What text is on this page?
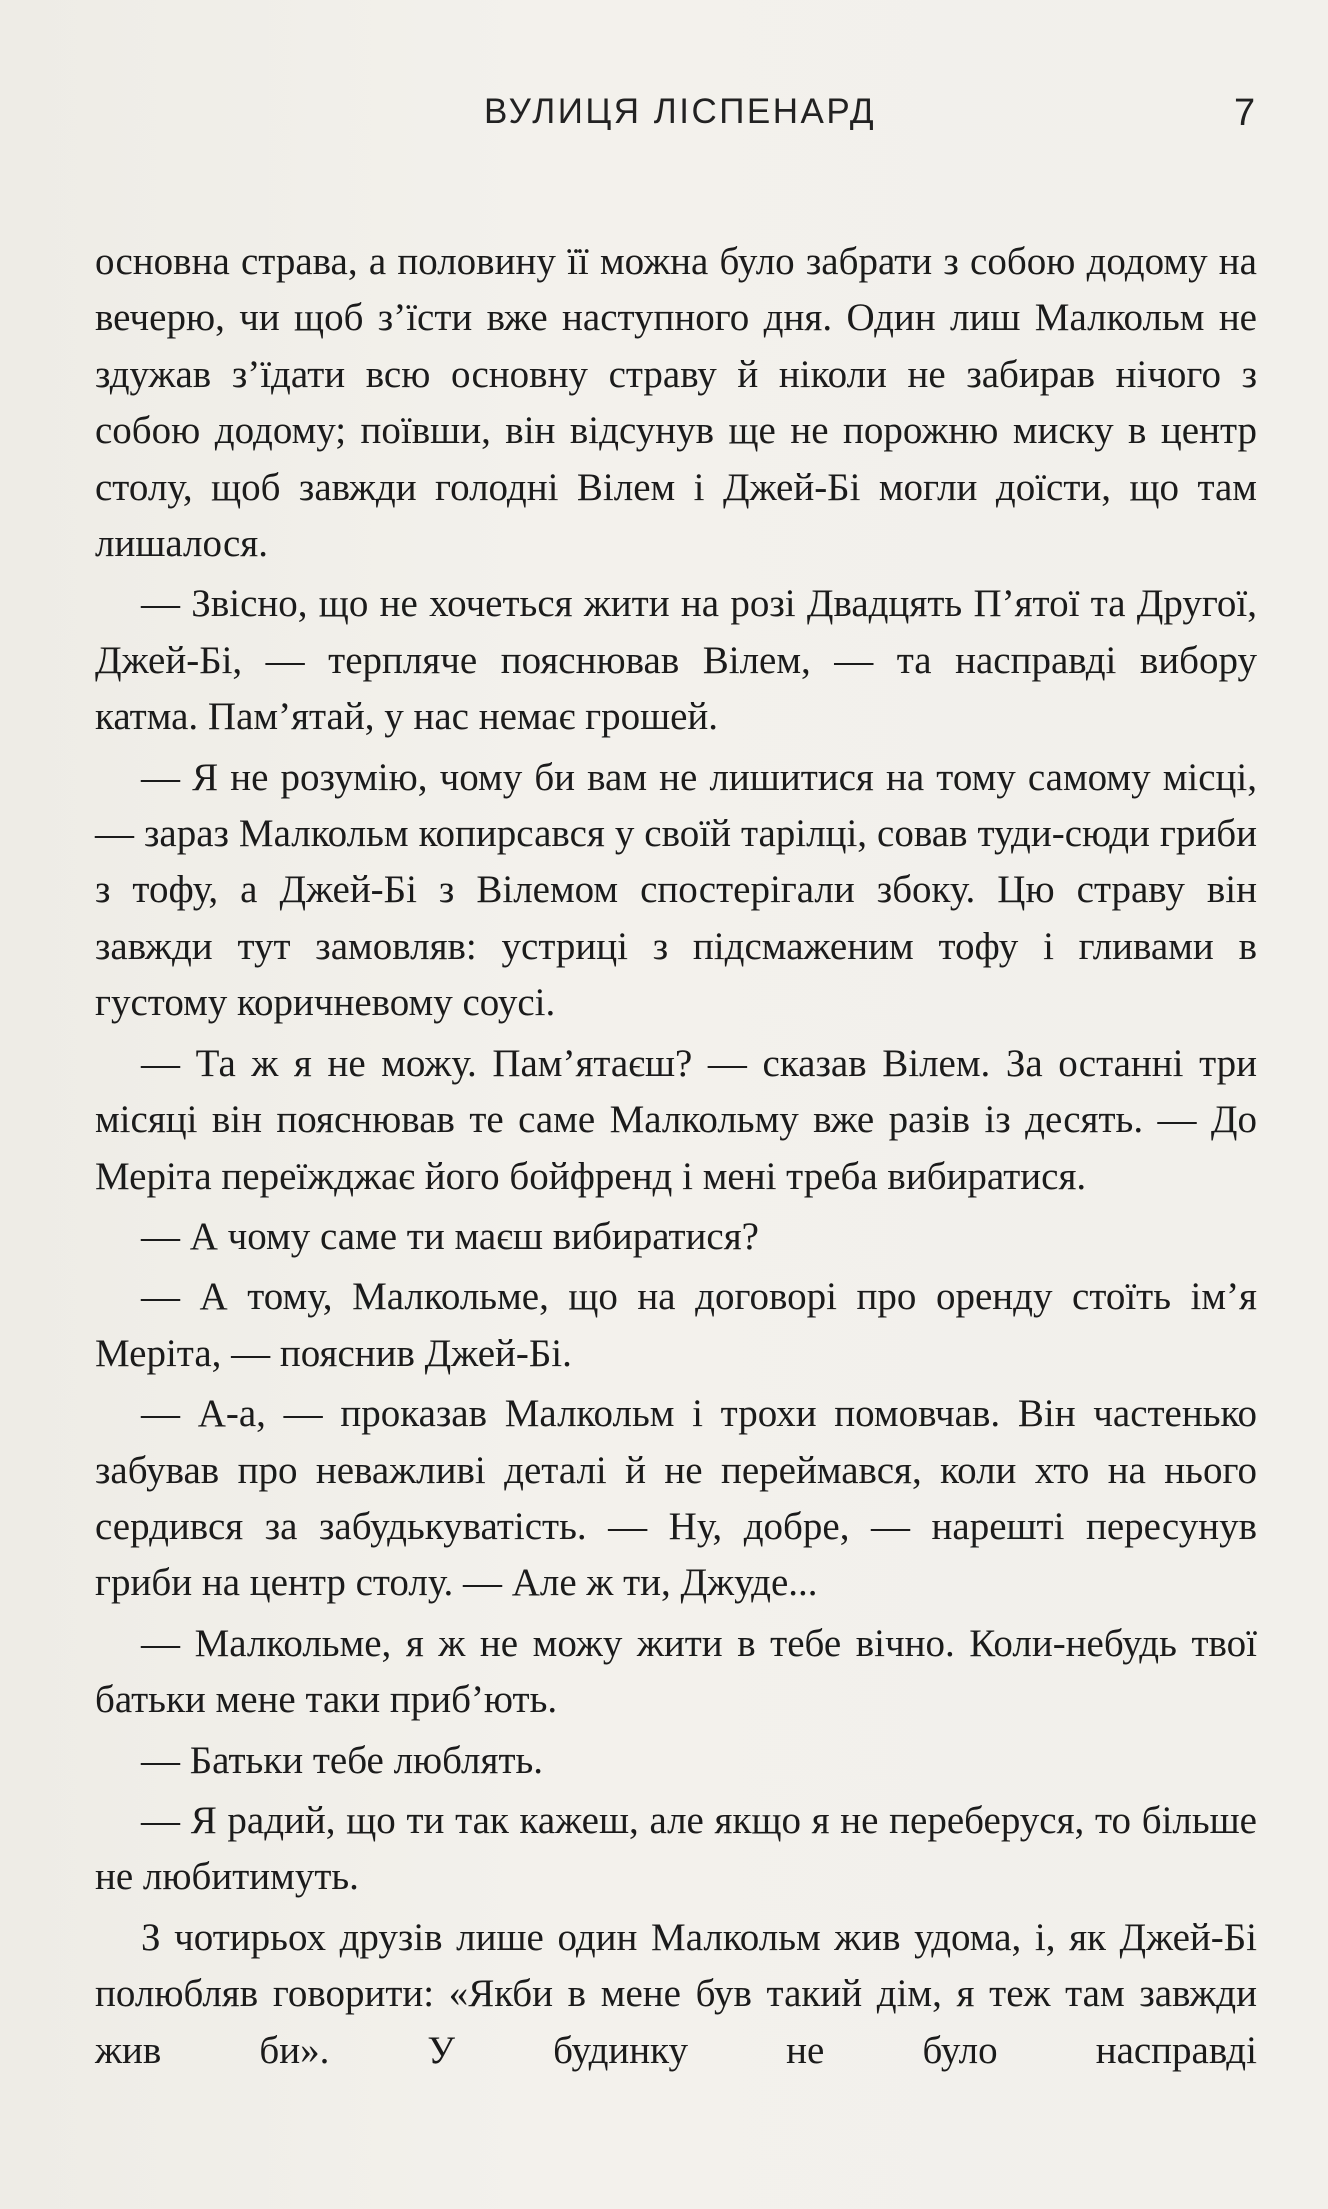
ВУЛИЦЯ ЛІСПЕНАРД	7

основна страва, а половину її можна було забрати з собою додому на вечерю, чи щоб з’їсти вже наступного дня. Один лиш Малкольм не здужав з’їдати всю основну страву й ніколи не забирав нічого з собою додому; поївши, він відсунув ще не порожню миску в центр столу, щоб завжди голодні Вілем і Джей-Бі могли доїсти, що там лишалося.

— Звісно, що не хочеться жити на розі Двадцять П’ятої та Другої, Джей-Бі, — терпляче пояснював Вілем, — та насправді вибору катма. Пам’ятай, у нас немає грошей.

— Я не розумію, чому би вам не лишитися на тому самому місці, — зараз Малкольм копирсався у своїй тарілці, совав туди-сюди гриби з тофу, а Джей-Бі з Вілемом спостерігали збоку. Цю страву він завжди тут замовляв: устриці з підсмаженим тофу і гливами в густому коричневому соусі.

— Та ж я не можу. Пам’ятаєш? — сказав Вілем. За останні три місяці він пояснював те саме Малкольму вже разів із десять. — До Меріта переїжджає його бойфренд і мені треба вибиратися.

— А чому саме ти маєш вибиратися?

— А тому, Малкольме, що на договорі про оренду стоїть ім’я Меріта, — пояснив Джей-Бі.

— А-а, — проказав Малкольм і трохи помовчав. Він частенько забував про неважливі деталі й не переймався, коли хто на нього сердився за забудькуватість. — Ну, добре, — нарешті пересунув гриби на центр столу. — Але ж ти, Джуде...

— Малкольме, я ж не можу жити в тебе вічно. Коли-небудь твої батьки мене таки приб’ють.

— Батьки тебе люблять.

— Я радий, що ти так кажеш, але якщо я не переберуся, то більше не любитимуть.

З чотирьох друзів лише один Малкольм жив удома, і, як Джей-Бі полюбляв говорити: «Якби в мене був такий дім, я теж там завжди жив би». У будинку не було насправді
